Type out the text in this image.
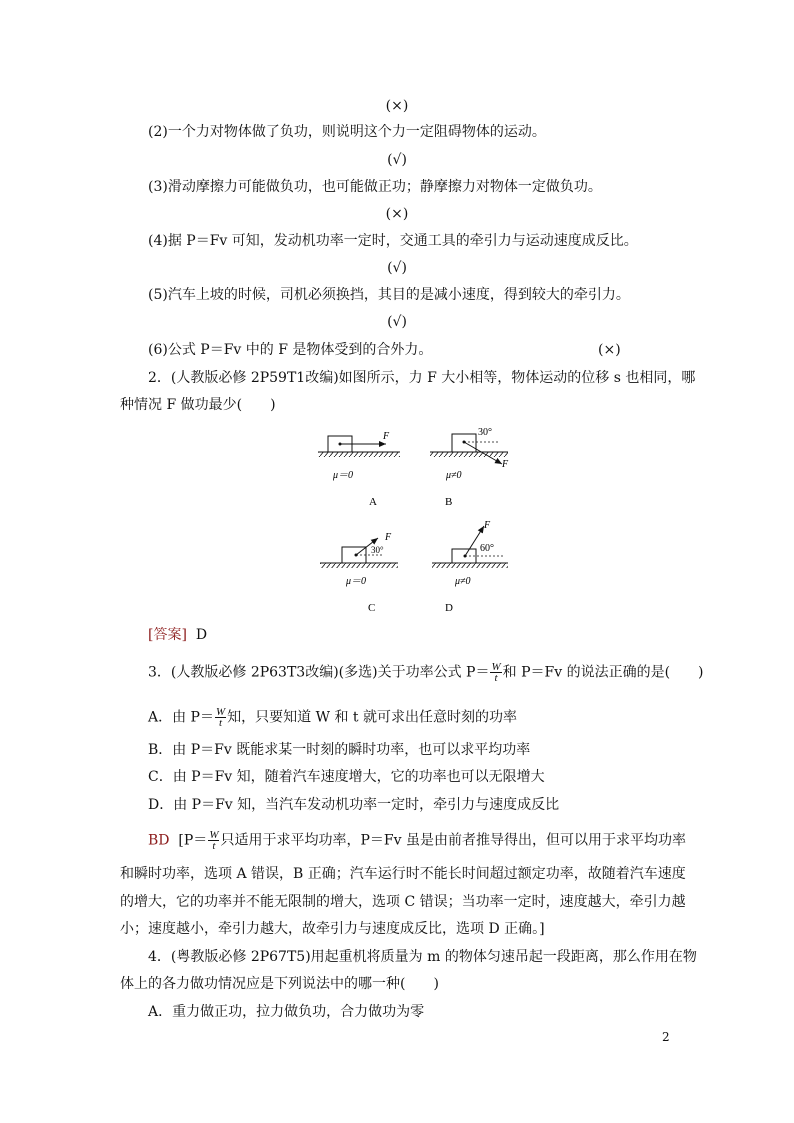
(×)
(2)一个力对物体做了负功，则说明这个力一定阻碍物体的运动。
(√)
(3)滑动摩擦力可能做负功，也可能做正功；静摩擦力对物体一定做负功。
(×)
(4)据 P＝Fv 可知，发动机功率一定时，交通工具的牵引力与运动速度成反比。
(√)
(5)汽车上坡的时候，司机必须换挡，其目的是减小速度，得到较大的牵引力。
(√)
(6)公式 P＝Fv 中的 F 是物体受到的合外力。	(×)
2．(人教版必修 2P59T1改编)如图所示，力 F 大小相等，物体运动的位移 s 也相同，哪
种情况 F 做功最少(　　)
F
μ＝0
A
30°
F
μ≠0
B
30°
F
μ＝0
C
60°
F
μ≠0
D
[答案] D
3．(人教版必修 2P63T3改编)(多选)关于功率公式 $P= \frac{W}{t}$ 和 P＝Fv 的说法正确的是(　　)
A．由 $P= \frac{W}{t}$ 知，只要知道 W 和 t 就可求出任意时刻的功率
B．由 P＝Fv 既能求某一时刻的瞬时功率，也可以求平均功率
C．由 P＝Fv 知，随着汽车速度增大，它的功率也可以无限增大
D．由 P＝Fv 知，当汽车发动机功率一定时，牵引力与速度成反比
BD [$P= \frac{W}{t}$ 只适用于求平均功率，P＝Fv 虽是由前者推导得出，但可以用于求平均功率
和瞬时功率，选项 A 错误，B 正确；汽车运行时不能长时间超过额定功率，故随着汽车速度
的增大，它的功率并不能无限制的增大，选项 C 错误；当功率一定时，速度越大，牵引力越
小；速度越小，牵引力越大，故牵引力与速度成反比，选项 D 正确。]
4．(粤教版必修 2P67T5)用起重机将质量为 m 的物体匀速吊起一段距离，那么作用在物
体上的各力做功情况应是下列说法中的哪一种(　　)
A．重力做正功，拉力做负功，合力做功为零
2
